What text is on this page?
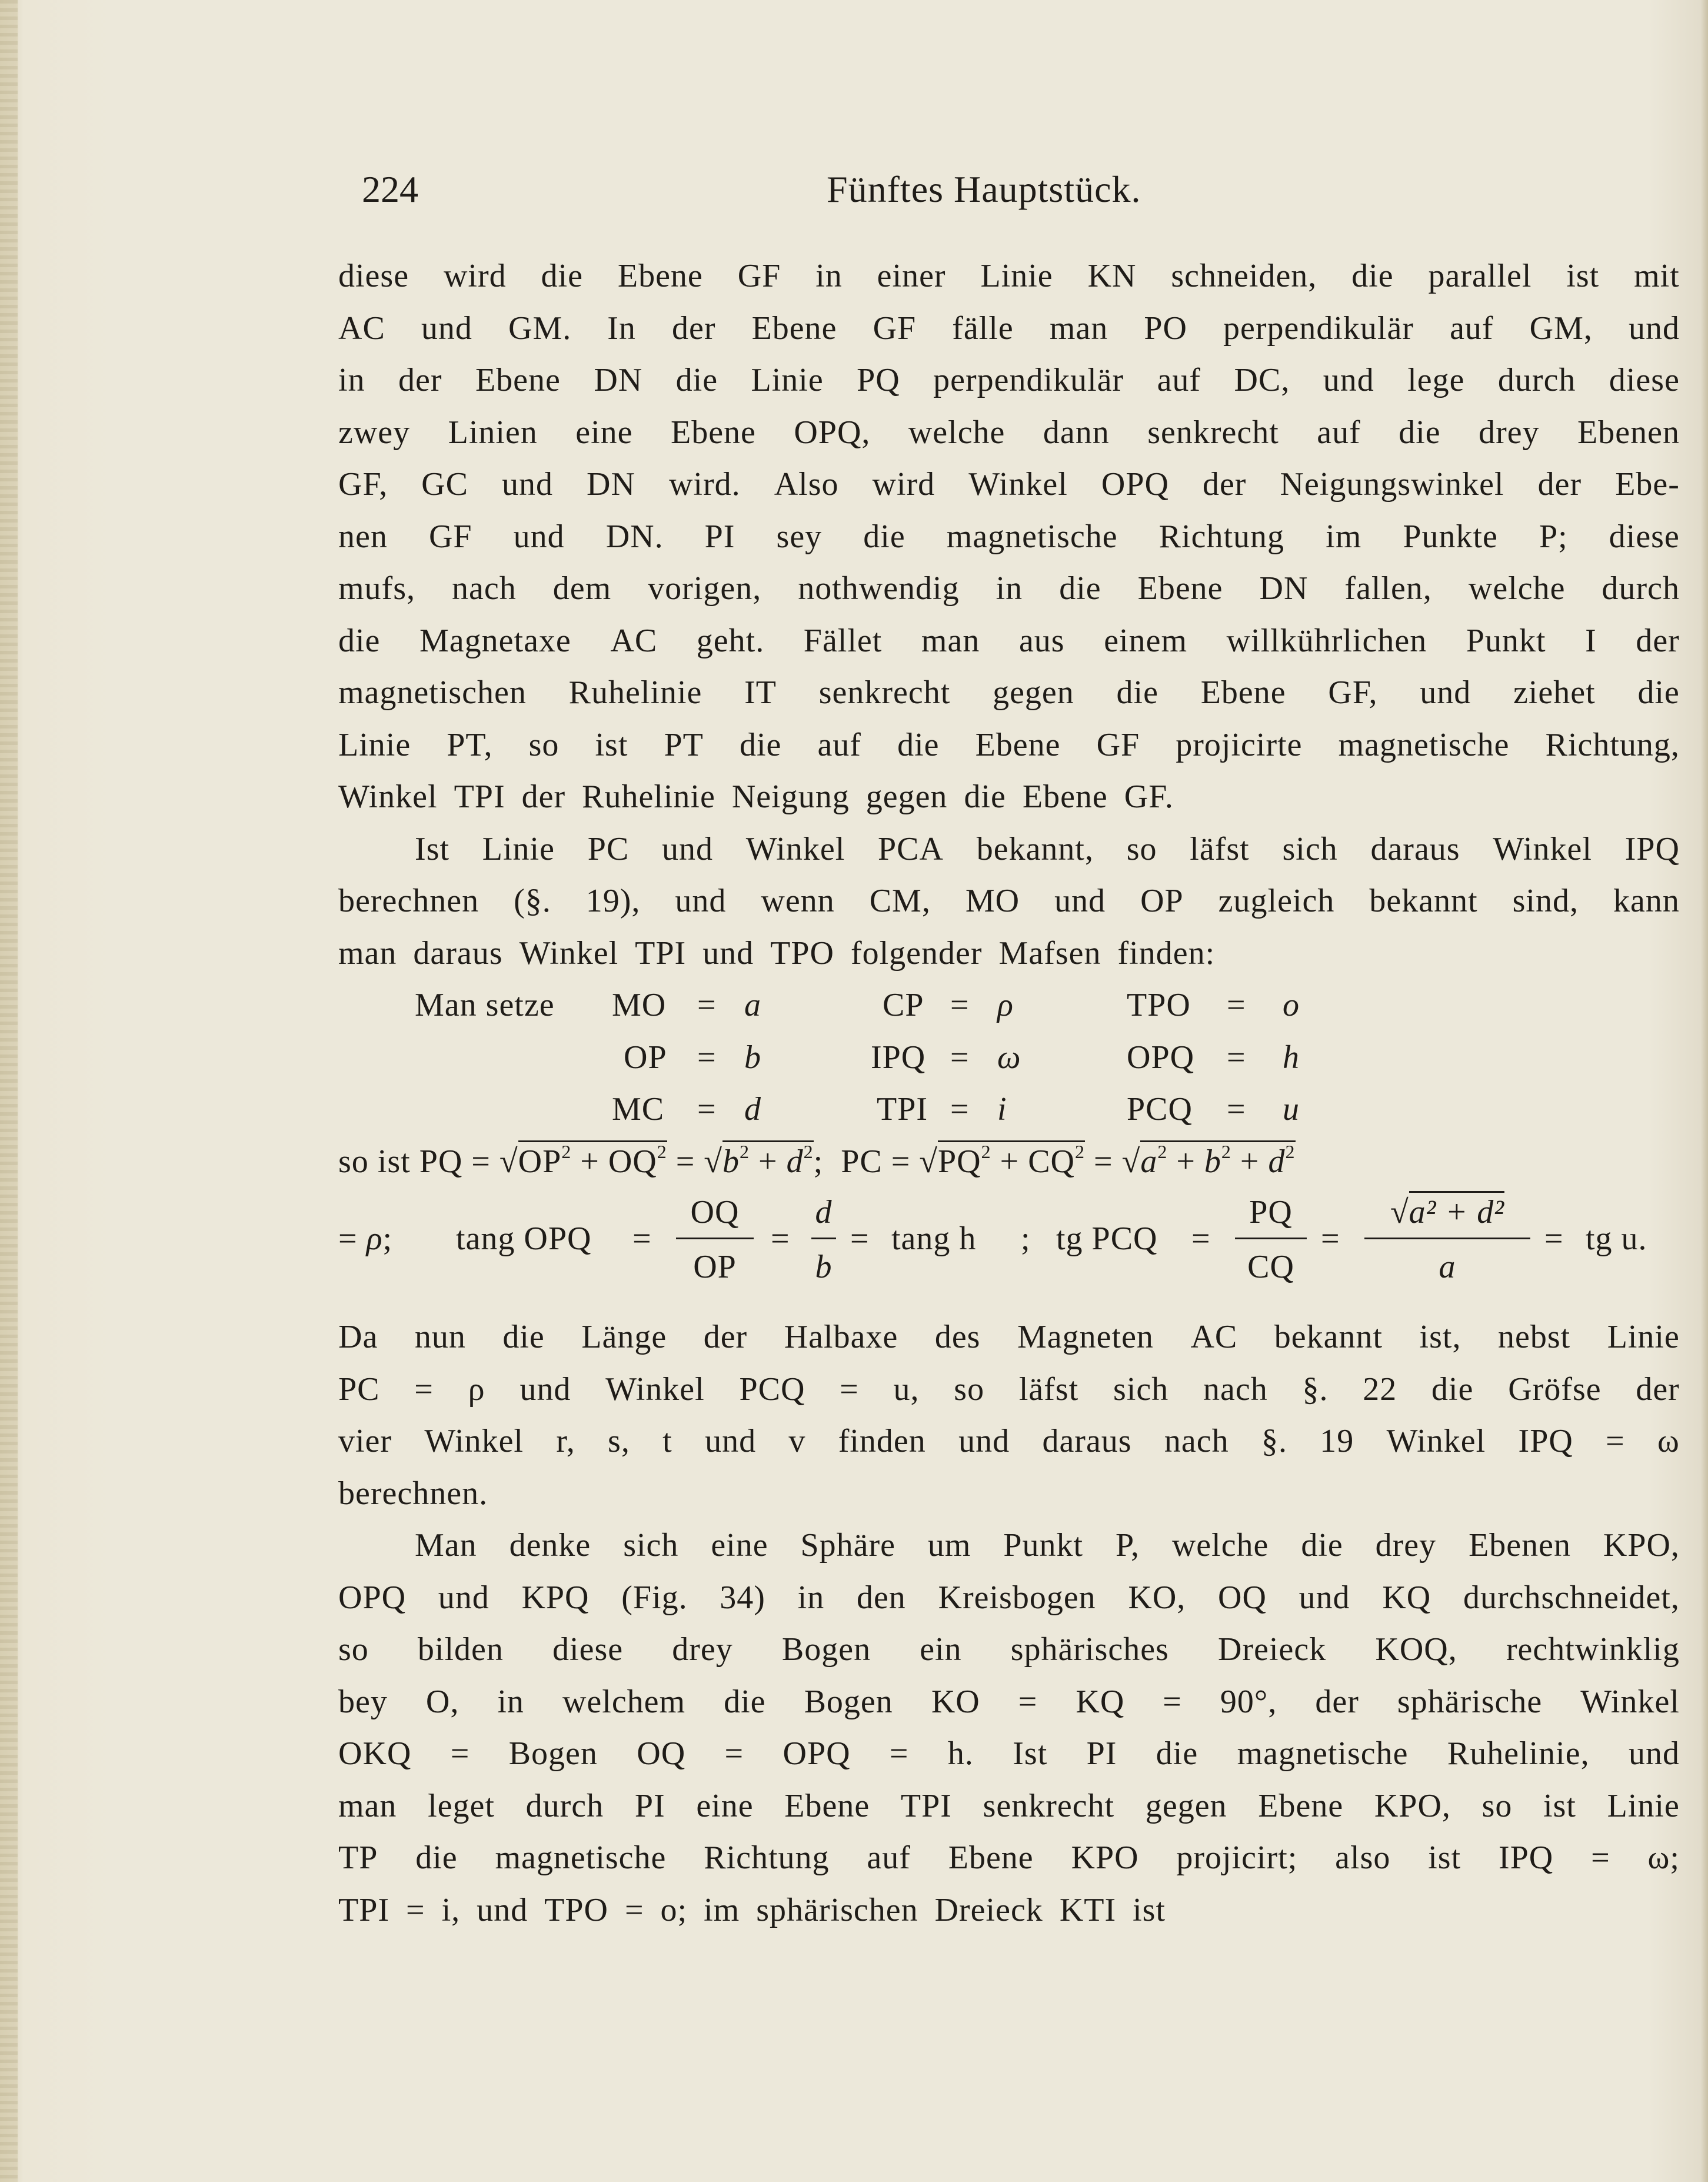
224	Fünftes Hauptstück.
diese wird die Ebene GF in einer Linie KN schneiden, die parallel ist mit
AC und GM. In der Ebene GF fälle man PO perpendikulär auf GM, und
in der Ebene DN die Linie PQ perpendikulär auf DC, und lege durch diese
zwey Linien eine Ebene OPQ, welche dann senkrecht auf die drey Ebenen
GF, GC und DN wird. Also wird Winkel OPQ der Neigungswinkel der Ebe-
nen GF und DN. PI sey die magnetische Richtung im Punkte P; diese
mufs, nach dem vorigen, nothwendig in die Ebene DN fallen, welche durch
die Magnetaxe AC geht. Fället man aus einem willkührlichen Punkt I der
magnetischen Ruhelinie IT senkrecht gegen die Ebene GF, und ziehet die
Linie PT, so ist PT die auf die Ebene GF projicirte magnetische Richtung,
Winkel TPI der Ruhelinie Neigung gegen die Ebene GF.
Ist Linie PC und Winkel PCA bekannt, so läfst sich daraus Winkel IPQ
berechnen (§. 19), und wenn CM, MO und OP zugleich bekannt sind, kann
man daraus Winkel TPI und TPO folgender Mafsen finden:
Man setze MO = a	CP = ρ	TPO = o
OP = b	IPQ = ω	OPQ = h
MC = d	TPI = i	PCQ = u
so ist PQ = $√OP^2 + OQ^2 = √b^2 + d^2$; PC = $√PQ^2 + CQ^2 = √a^2 + b^2 + d^2$
= ρ; tang OPQ =
OQ
OP
=
d
b
= tang h ; tg PCQ =
PQ
CQ
=
√a² + d²
a
= tg u.
Da nun die Länge der Halbaxe des Magneten AC bekannt ist, nebst Linie
PC = ρ und Winkel PCQ = u, so läfst sich nach §. 22 die Gröfse der
vier Winkel r, s, t und v finden und daraus nach §. 19 Winkel IPQ = ω
berechnen.
Man denke sich eine Sphäre um Punkt P, welche die drey Ebenen KPO,
OPQ und KPQ (Fig. 34) in den Kreisbogen KO, OQ und KQ durchschneidet,
so bilden diese drey Bogen ein sphärisches Dreieck KOQ, rechtwinklig
bey O, in welchem die Bogen KO = KQ = 90°, der sphärische Winkel
OKQ = Bogen OQ = OPQ = h. Ist PI die magnetische Ruhelinie, und
man leget durch PI eine Ebene TPI senkrecht gegen Ebene KPO, so ist Linie
TP die magnetische Richtung auf Ebene KPO projicirt; also ist IPQ = ω;
TPI = i, und TPO = o; im sphärischen Dreieck KTI ist
